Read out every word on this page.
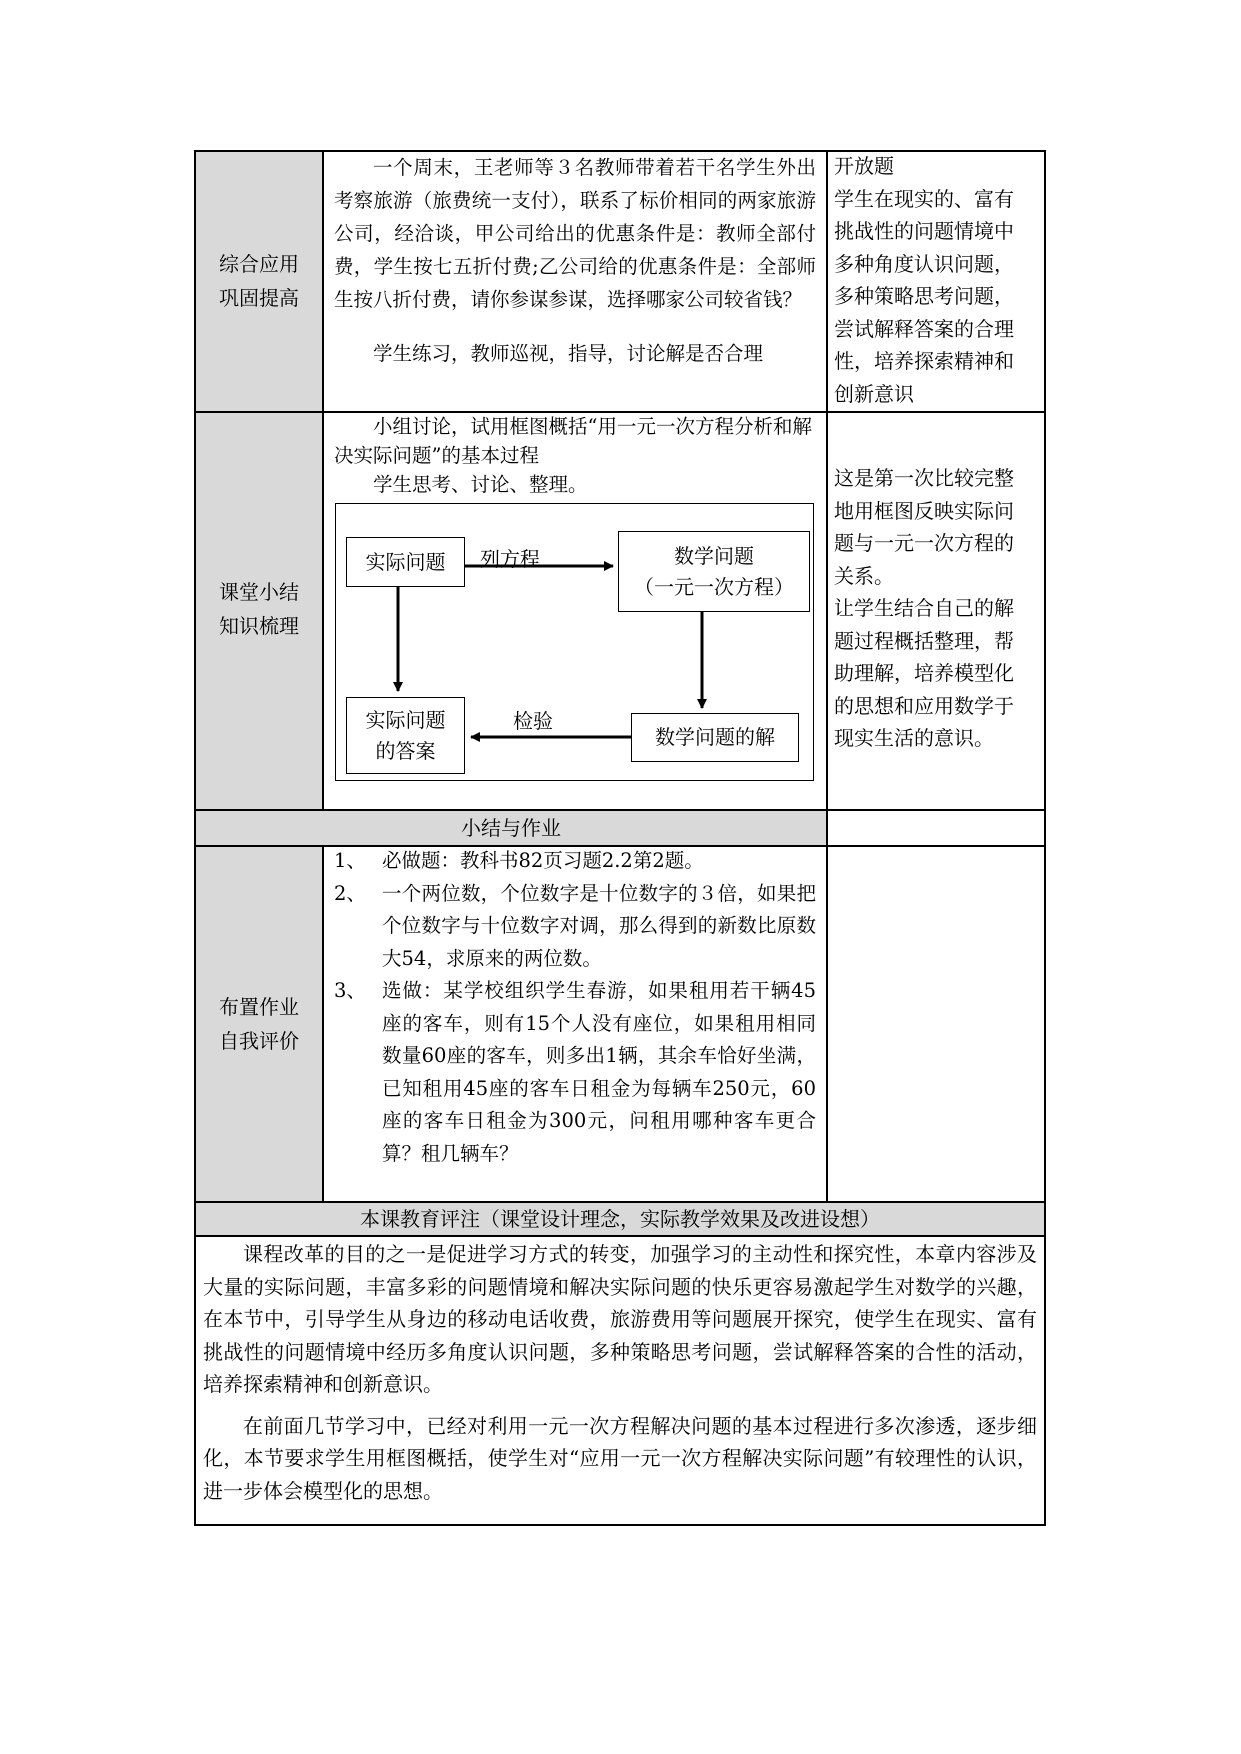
综合应用
巩固提高

一个周末，王老师等３名教师带着若干名学生外出考察旅游（旅费统一支付），联系了标价相同的两家旅游公司，经洽谈，甲公司给出的优惠条件是：教师全部付费，学生按七五折付费;乙公司给的优惠条件是：全部师生按八折付费，请你参谋参谋，选择哪家公司较省钱？

学生练习，教师巡视，指导，讨论解是否合理

开放题
学生在现实的、富有
挑战性的问题情境中
多种角度认识问题，
多种策略思考问题，
尝试解释答案的合理
性，培养探索精神和
创新意识
课堂小结
知识梳理

小组讨论，试用框图概括“用一元一次方程分析和解决实际问题”的基本过程

学生思考、讨论、整理。

实际问题	数学问题
（一元一次方程）
实际问题
的答案
数学问题的解
列方程
检验
这是第一次比较完整
地用框图反映实际问
题与一元一次方程的
关系。
让学生结合自己的解
题过程概括整理，帮
助理解，培养模型化
的思想和应用数学于
现实生活的意识。
小结与作业
布置作业
自我评价
1、 必做题：教科书82页习题2.2第2题。
2、 一个两位数，个位数字是十位数字的３倍，如果把个位数字与十位数字对调，那么得到的新数比原数大54，求原来的两位数。
3、 选做：某学校组织学生春游，如果租用若干辆45座的客车，则有15个人没有座位，如果租用相同数量60座的客车，则多出1辆，其余车恰好坐满，已知租用45座的客车日租金为每辆车250元，60座的客车日租金为300元，问租用哪种客车更合算？租几辆车？
本课教育评注（课堂设计理念，实际教学效果及改进设想）

课程改革的目的之一是促进学习方式的转变，加强学习的主动性和探究性，本章内容涉及大量的实际问题，丰富多彩的问题情境和解决实际问题的快乐更容易激起学生对数学的兴趣，在本节中，引导学生从身边的移动电话收费，旅游费用等问题展开探究，使学生在现实、富有挑战性的问题情境中经历多角度认识问题，多种策略思考问题，尝试解释答案的合性的活动，培养探索精神和创新意识。

在前面几节学习中，已经对利用一元一次方程解决问题的基本过程进行多次渗透，逐步细化，本节要求学生用框图概括，使学生对“应用一元一次方程解决实际问题”有较理性的认识，进一步体会模型化的思想。
